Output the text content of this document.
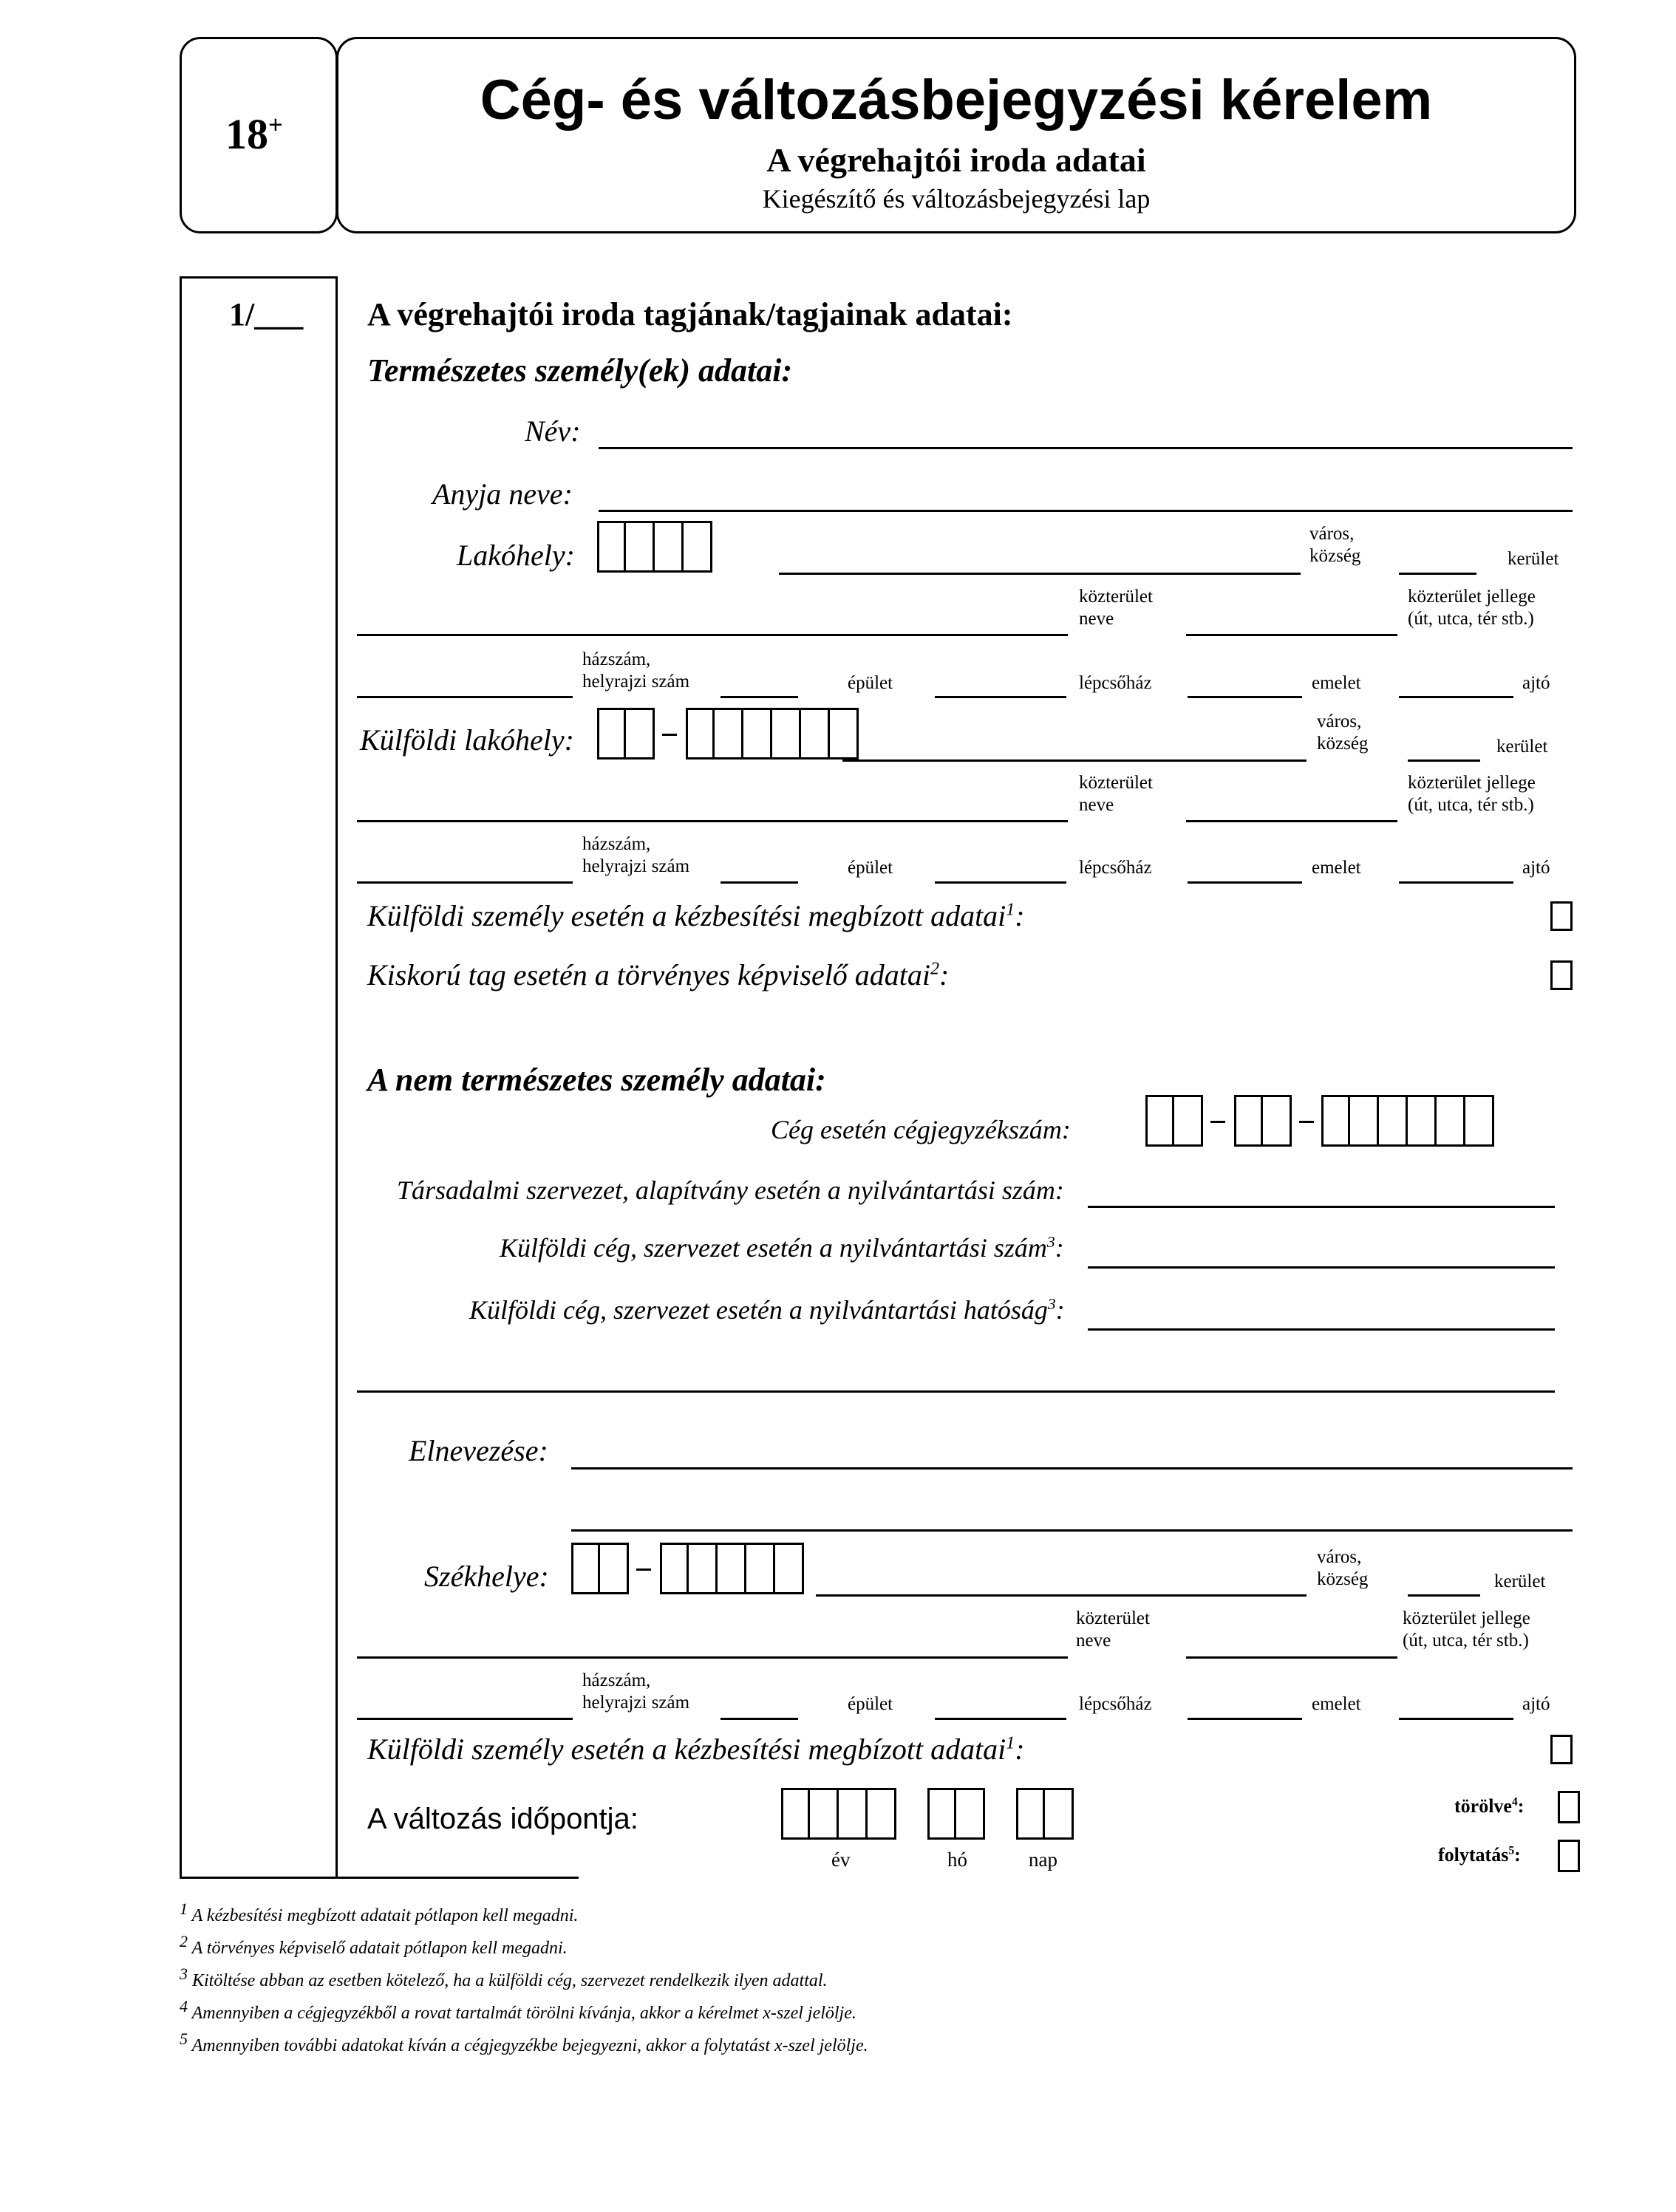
18+	Cég- és változásbejegyzési kérelem
A végrehajtói iroda adatai
Kiegészítő és változásbejegyzési lap
1/___ A végrehajtói iroda tagjának/tagjainak adatai:
Természetes személy(ek) adatai:
Név:
Anyja neve:
Lakóhely:
város,
község	kerület
közterület
neve
közterület jellege
(út, utca, tér stb.)
házszám,
helyrajzi szám	épület	lépcsőház	emelet	ajtó
Külföldi lakóhely:
város,
község	kerület
közterület
neve
közterület jellege
(út, utca, tér stb.)
házszám,
helyrajzi szám	épület	lépcsőház	emelet	ajtó
Külföldi személy esetén a kézbesítési megbízott adatai$^1$:
Kiskorú tag esetén a törvényes képviselő adatai$^2$:
A nem természetes személy adatai:
Cég esetén cégjegyzékszám:
Társadalmi szervezet, alapítvány esetén a nyilvántartási szám:
Külföldi cég, szervezet esetén a nyilvántartási szám$^3$:
Külföldi cég, szervezet esetén a nyilvántartási hatóság$^3$:
Elnevezése:
Székhelye:
város,
község	kerület
közterület
neve
közterület jellege
(út, utca, tér stb.)
házszám,
helyrajzi szám	épület	lépcsőház	emelet	ajtó
Külföldi személy esetén a kézbesítési megbízott adatai$^1$:
A változás időpontja:
év	hó	nap
törölve$^4$:
folytatás$^5$:
1 A kézbesítési megbízott adatait pótlapon kell megadni.
2 A törvényes képviselő adatait pótlapon kell megadni.
3 Kitöltése abban az esetben kötelező, ha a külföldi cég, szervezet rendelkezik ilyen adattal.
4 Amennyiben a cégjegyzékből a rovat tartalmát törölni kívánja, akkor a kérelmet x-szel jelölje.
5 Amennyiben további adatokat kíván a cégjegyzékbe bejegyezni, akkor a folytatást x-szel jelölje.
